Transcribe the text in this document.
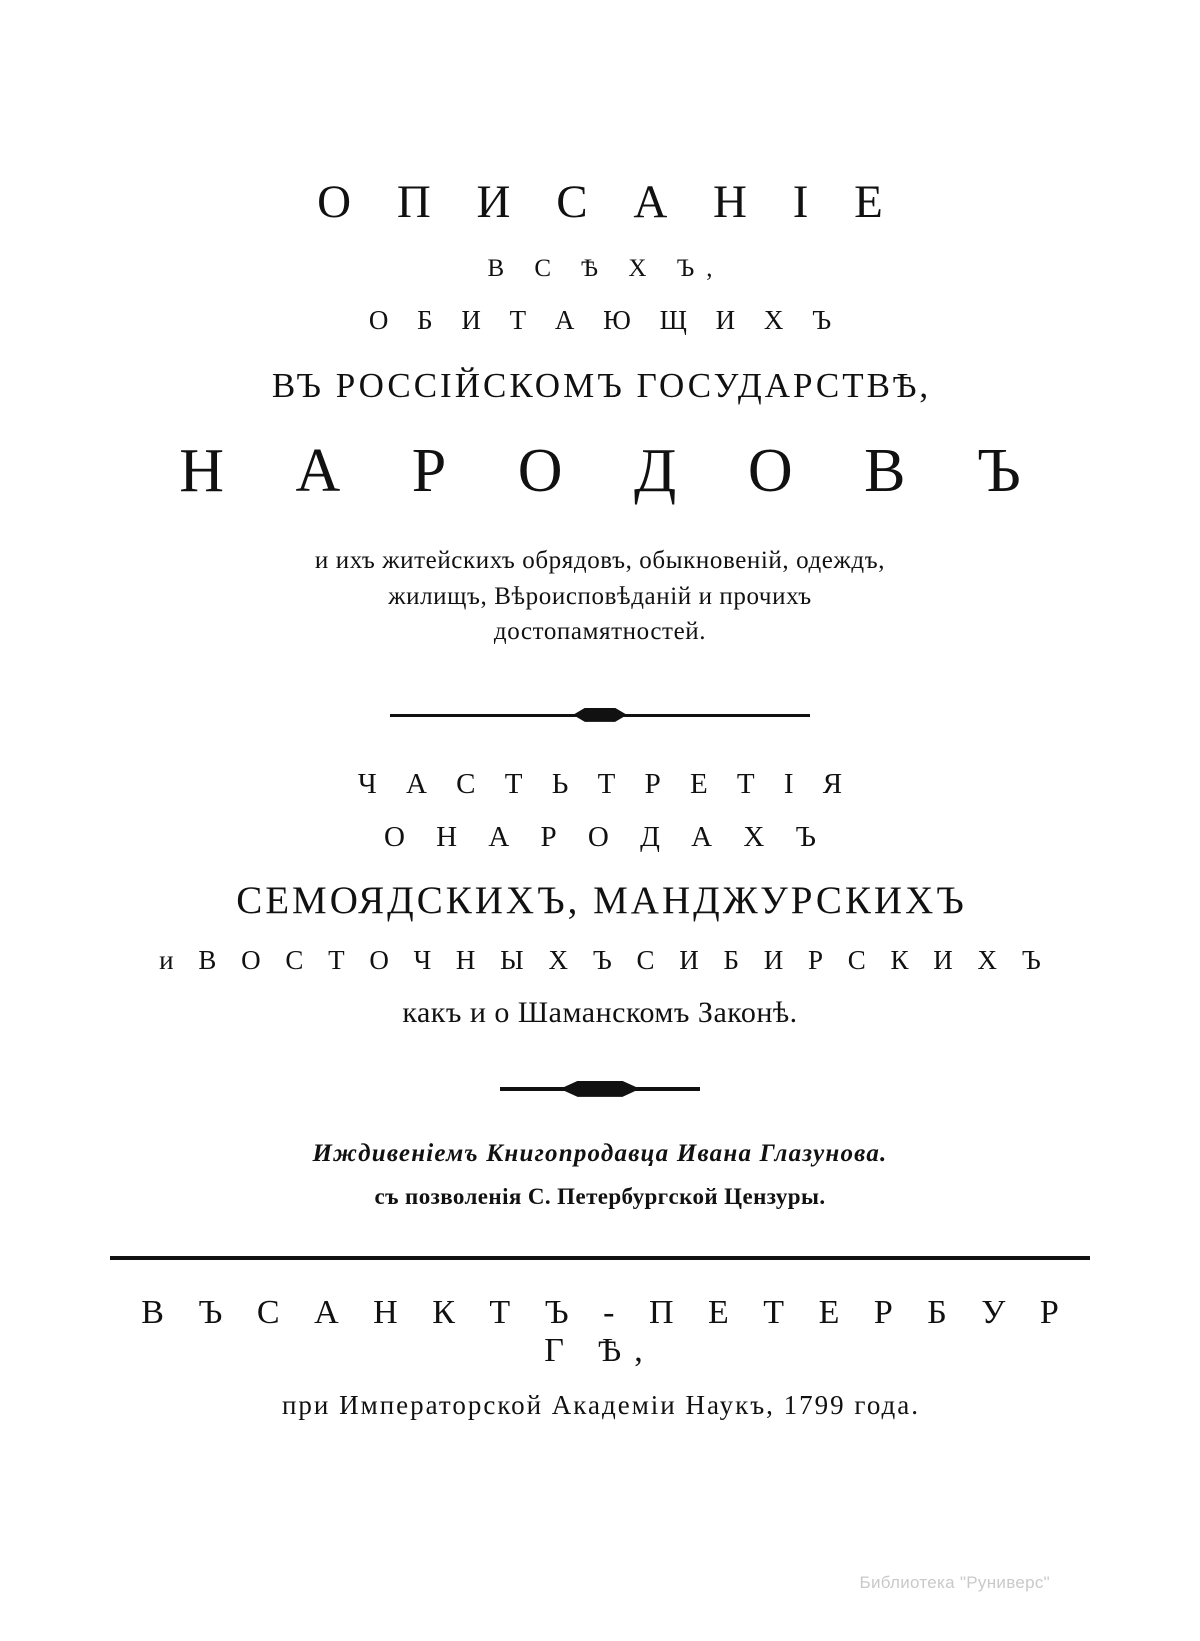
О П И С А Н І Е
В С Ѣ Х Ъ,
О Б И Т А Ю Щ И Х Ъ
ВЪ РОССІЙСКОМЪ ГОСУДАРСТВѢ,
Н А Р О Д О В Ъ
и ихъ житейскихъ обрядовъ, обыкновеній, одеждъ,
жилищъ, Вѣроисповѣданій и прочихъ
достопамятностей.
Ч А С Т Ь Т Р Е Т І Я
О Н А Р О Д А Х Ъ
СЕМОЯДСКИХЪ, МАНДЖУРСКИХЪ
и В О С Т О Ч Н Ы Х Ъ С И Б И Р С К И Х Ъ
какъ и о Шаманскомъ Законѣ.
Иждивеніемъ Книгопродавца Ивана Глазунова.
съ позволенія С. Петербургской Цензуры.
В Ъ С А Н К Т Ъ - П Е Т Е Р Б У Р Г Ѣ,
при Императорской Академіи Наукъ, 1799 года.
Библиотека "Руниверс"
